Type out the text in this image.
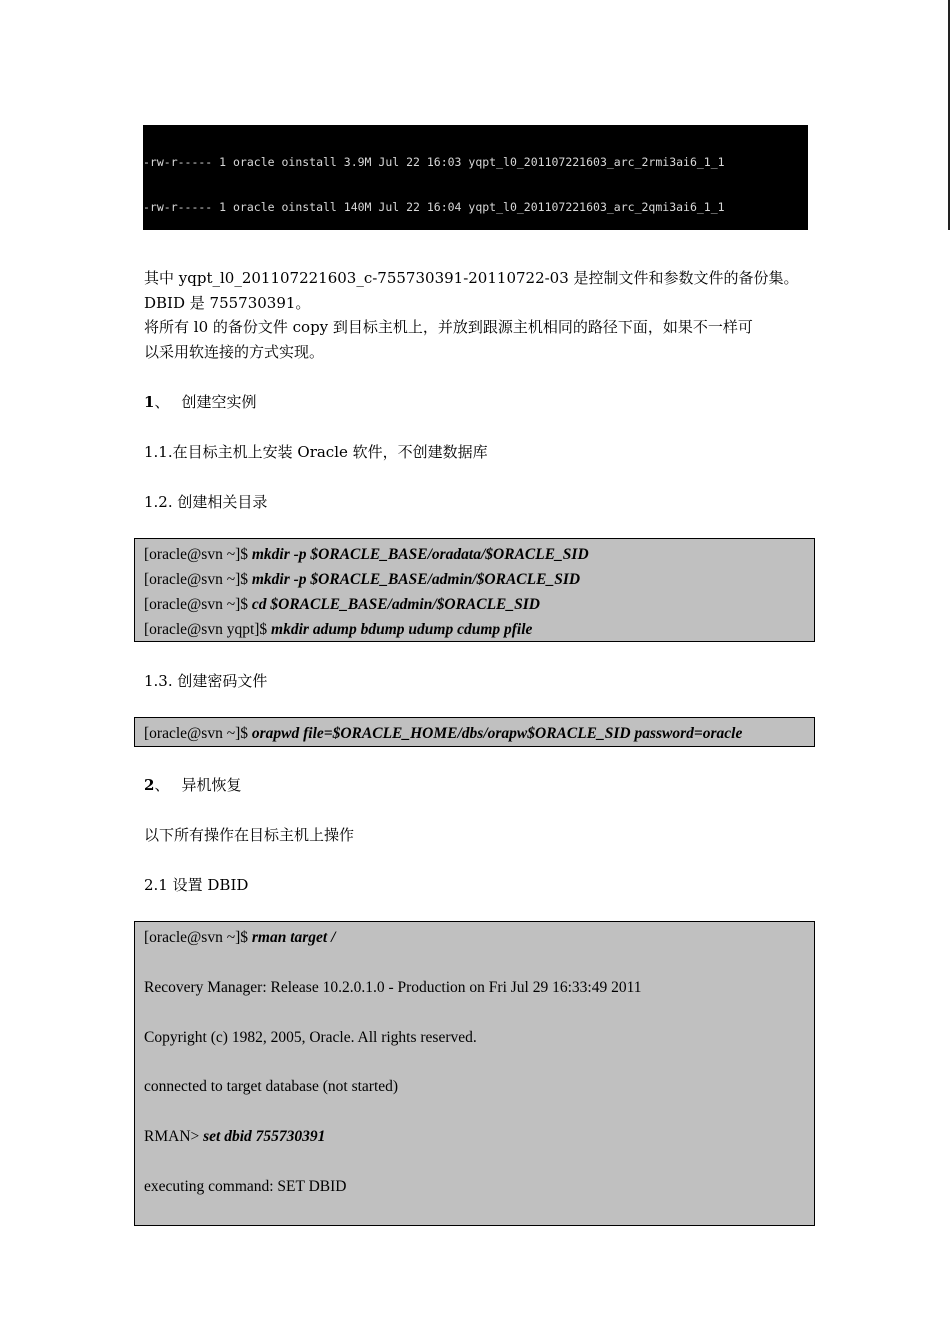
-rw-r----- 1 oracle oinstall 3.9M Jul 22 16:03 yqpt_l0_201107221603_arc_2rmi3ai6_1_1

-rw-r----- 1 oracle oinstall 140M Jul 22 16:04 yqpt_l0_201107221603_arc_2qmi3ai6_1_1

其中 yqpt_l0_201107221603_c-755730391-20110722-03 是控制文件和参数文件的备份集。
DBID 是 755730391。
将所有 l0 的备份文件 copy 到目标主机上，并放到跟源主机相同的路径下面，如果不一样可
以采用软连接的方式实现。
1、 创建空实例
1.1.在目标主机上安装 Oracle 软件，不创建数据库
1.2. 创建相关目录
[oracle@svn ~]$ mkdir -p $ORACLE_BASE/oradata/$ORACLE_SID
[oracle@svn ~]$ mkdir -p $ORACLE_BASE/admin/$ORACLE_SID
[oracle@svn ~]$ cd $ORACLE_BASE/admin/$ORACLE_SID
[oracle@svn yqpt]$ mkdir adump bdump udump cdump pfile
1.3. 创建密码文件
[oracle@svn ~]$ orapwd file=$ORACLE_HOME/dbs/orapw$ORACLE_SID password=oracle
2、 异机恢复
以下所有操作在目标主机上操作
2.1 设置 DBID
[oracle@svn ~]$ rman target /
Recovery Manager: Release 10.2.0.1.0 - Production on Fri Jul 29 16:33:49 2011
Copyright (c) 1982, 2005, Oracle. All rights reserved.
connected to target database (not started)
RMAN> set dbid 755730391
executing command: SET DBID
